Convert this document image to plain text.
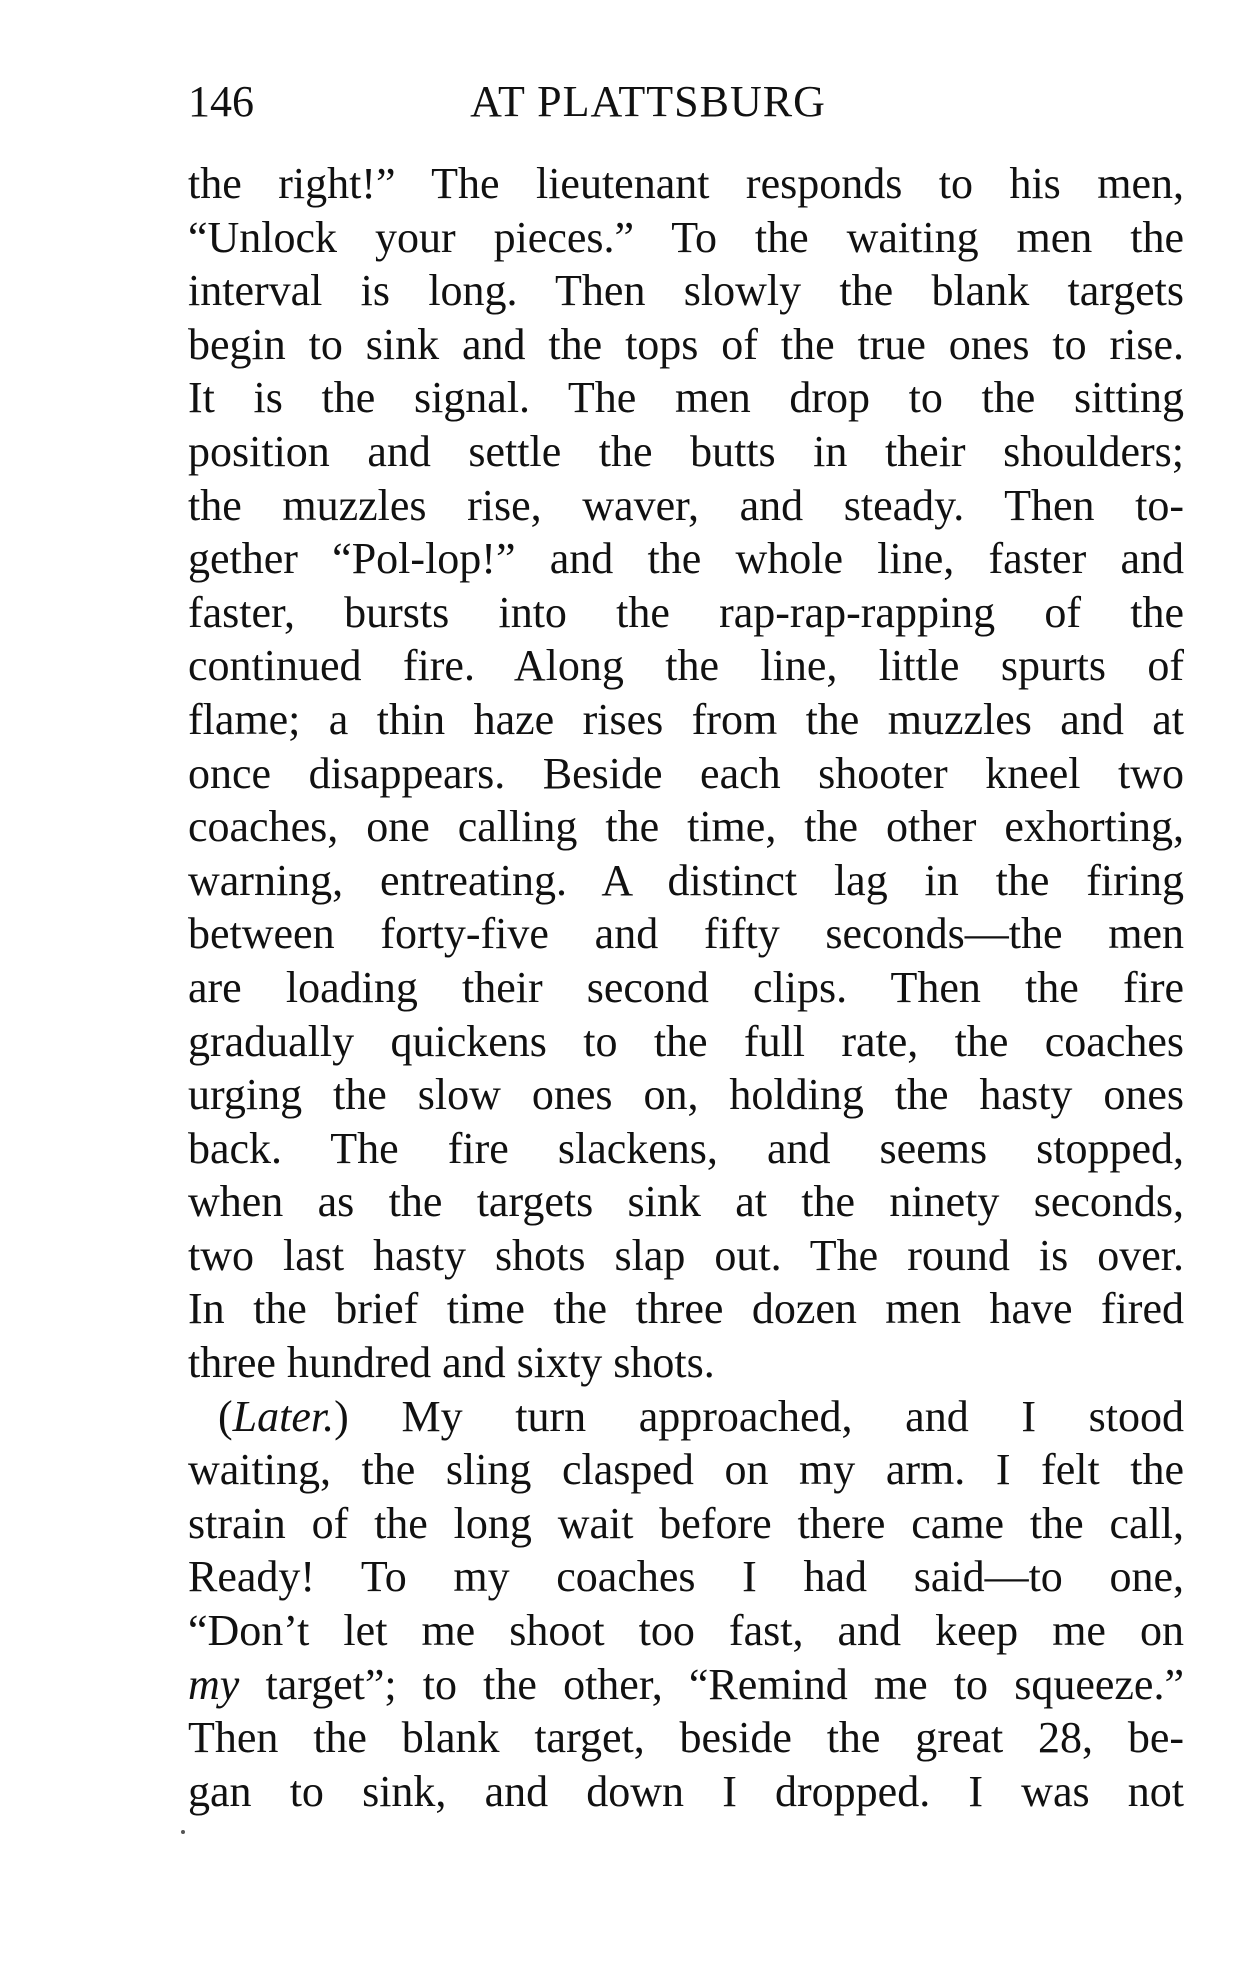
146	AT PLATTSBURG
the right!” The lieutenant responds to his men,
“Unlock your pieces.” To the waiting men the
interval is long. Then slowly the blank targets
begin to sink and the tops of the true ones to rise.
It is the signal. The men drop to the sitting
position and settle the butts in their shoulders;
the muzzles rise, waver, and steady. Then to-
gether “Pol-lop!” and the whole line, faster and
faster, bursts into the rap-rap-rapping of the
continued fire. Along the line, little spurts of
flame; a thin haze rises from the muzzles and at
once disappears. Beside each shooter kneel two
coaches, one calling the time, the other exhorting,
warning, entreating. A distinct lag in the firing
between forty-five and fifty seconds—the men
are loading their second clips. Then the fire
gradually quickens to the full rate, the coaches
urging the slow ones on, holding the hasty ones
back. The fire slackens, and seems stopped,
when as the targets sink at the ninety seconds,
two last hasty shots slap out. The round is over.
In the brief time the three dozen men have fired
three hundred and sixty shots.
(Later.) My turn approached, and I stood
waiting, the sling clasped on my arm. I felt the
strain of the long wait before there came the call,
Ready! To my coaches I had said—to one,
“Don’t let me shoot too fast, and keep me on
my target”; to the other, “Remind me to squeeze.”
Then the blank target, beside the great 28, be-
gan to sink, and down I dropped. I was not
